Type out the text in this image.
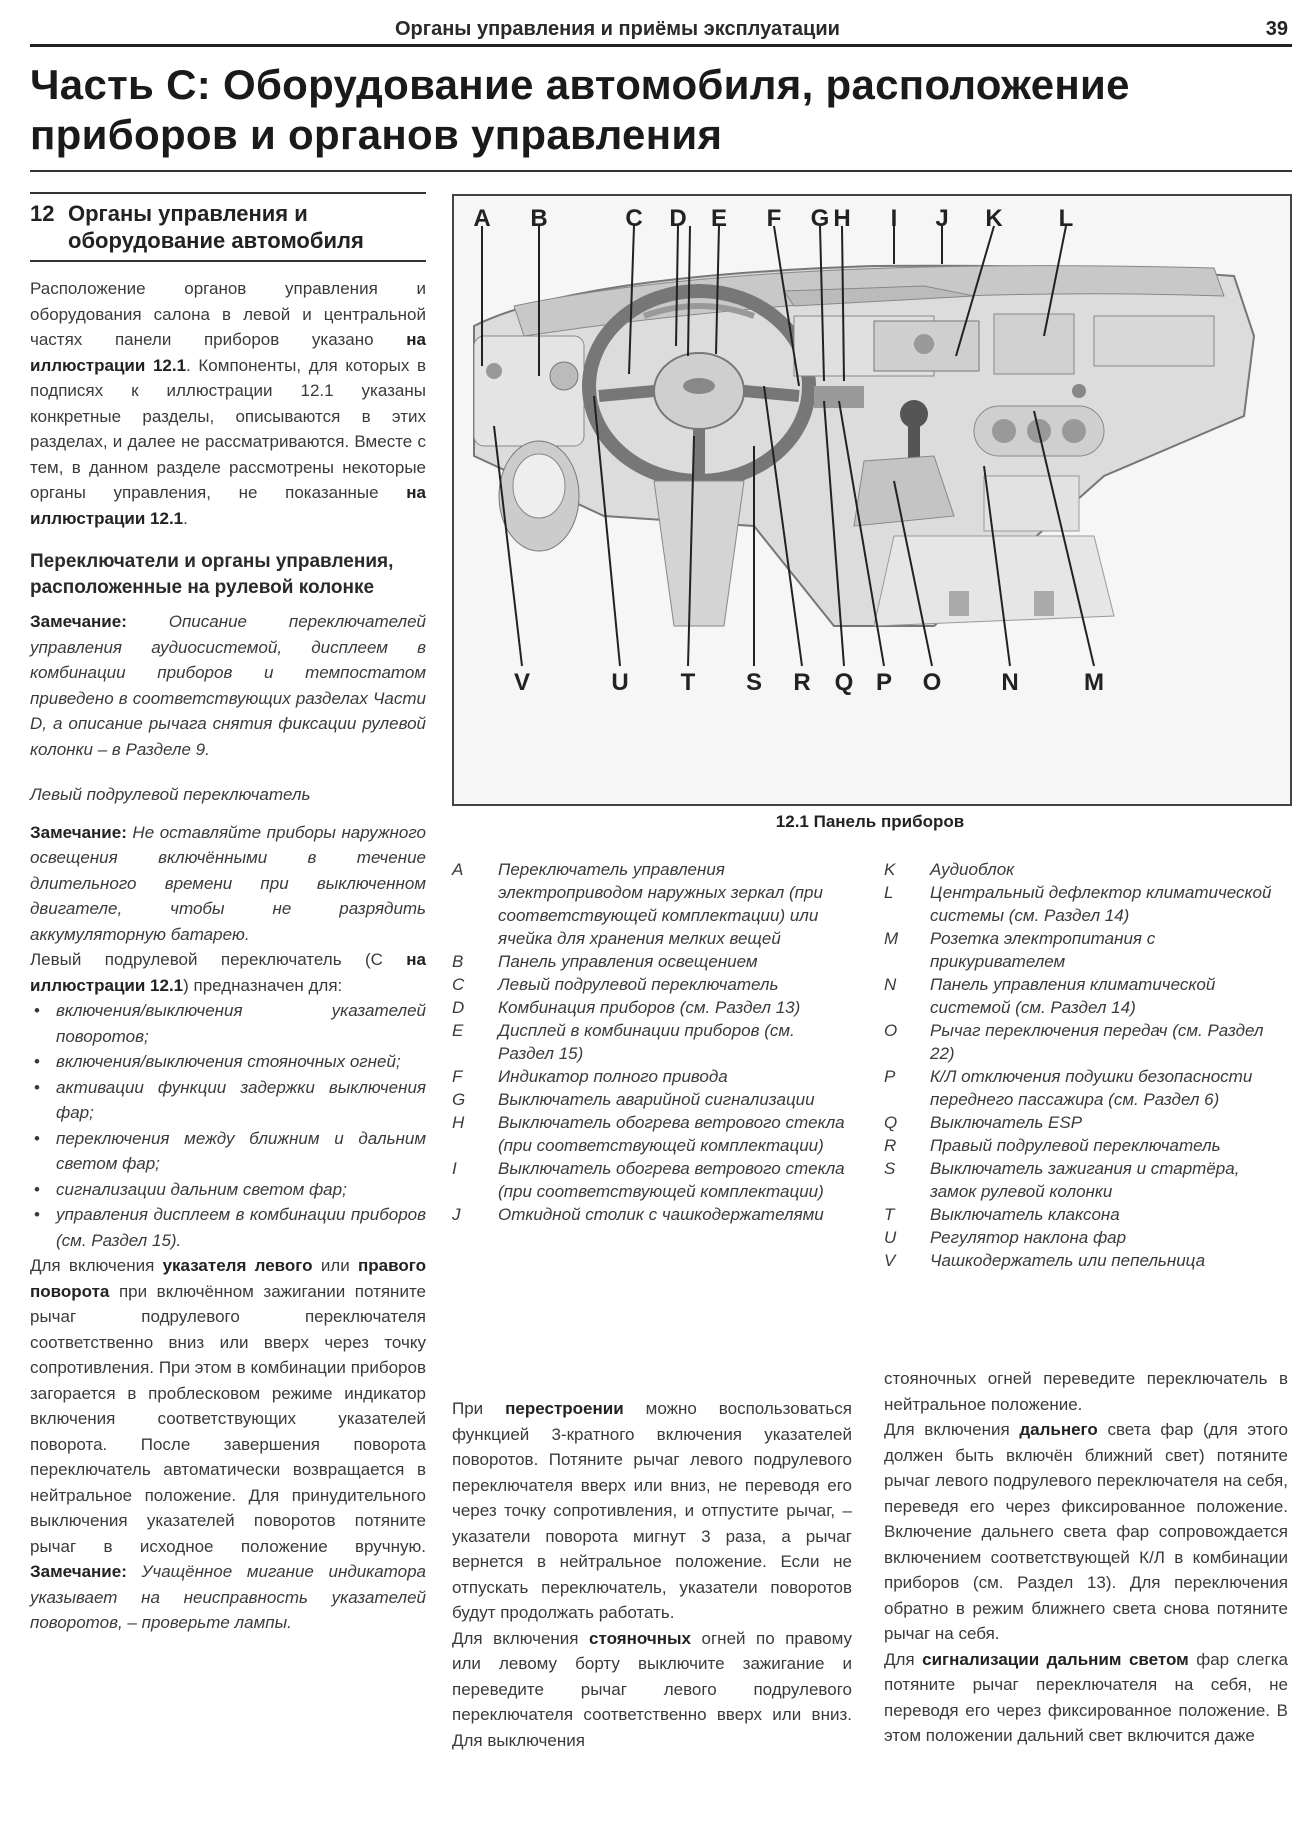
Органы управления и приёмы эксплуатации	39
Часть С: Оборудование автомобиля, расположение приборов и органов управления
12 Органы управления и
оборудование автомобиля

Расположение органов управления и оборудования салона в левой и центральной частях панели приборов указано на иллюстрации 12.1. Компоненты, для которых в подписях к иллюстрации 12.1 указаны конкретные разделы, описываются в этих разделах, и далее не рассматриваются. Вместе с тем, в данном разделе рассмотрены некоторые органы управления, не показанные на иллюстрации 12.1.

Переключатели и органы управления, расположенные на рулевой колонке

Замечание: Описание переключателей управления аудиосистемой, дисплеем в комбинации приборов и темпостатом приведено в соответствующих разделах Части D, а описание рычага снятия фиксации рулевой колонки – в Разделе 9.

Левый подрулевой переключатель

Замечание: Не оставляйте приборы наружного освещения включёнными в течение длительного времени при выключенном двигателе, чтобы не разрядить аккумуляторную батарею.

Левый подрулевой переключатель (С на иллюстрации 12.1) предназначен для:

• включения/выключения указателей поворотов;
• включения/выключения стояночных огней;
• активации функции задержки выключения фар;
• переключения между ближним и дальним светом фар;
• сигнализации дальним светом фар;
• управления дисплеем в комбинации приборов (см. Раздел 15).

Для включения указателя левого или правого поворота при включённом зажигании потяните рычаг подрулевого переключателя соответственно вниз или вверх через точку сопротивления. При этом в комбинации приборов загорается в проблесковом режиме индикатор включения соответствующих указателей поворота. После завершения поворота переключатель автоматически возвращается в нейтральное положение. Для принудительного выключения указателей поворотов потяните рычаг в исходное положение вручную. Замечание: Учащённое мигание индикатора указывает на неисправность указателей поворотов, – проверьте лампы.

A B	C D E F G H I J K L
V	U T S R Q P O N	M
12.1 Панель приборов
A	Переключатель управления электроприводом наружных зеркал (при соответствующей комплектации) или ячейка для хранения мелких вещей
B	Панель управления освещением
C	Левый подрулевой переключатель
D	Комбинация приборов (см. Раздел 13)
E	Дисплей в комбинации приборов (см. Раздел 15)
F	Индикатор полного привода
G	Выключатель аварийной сигнализации
H	Выключатель обогрева ветрового стекла (при соответствующей комплектации)
I	Выключатель обогрева ветрового стекла (при соответствующей комплектации)
J	Откидной столик с чашкодержателями
K	Аудиоблок
L	Центральный дефлектор климатической системы (см. Раздел 14)
M	Розетка электропитания с прикуривателем
N	Панель управления климатической системой (см. Раздел 14)
O	Рычаг переключения передач (см. Раздел 22)
P	К/Л отключения подушки безопасности переднего пассажира (см. Раздел 6)
Q	Выключатель ESP
R	Правый подрулевой переключатель
S	Выключатель зажигания и стартёра, замок рулевой колонки
T	Выключатель клаксона
U	Регулятор наклона фар
V	Чашкодержатель или пепельница

При перестроении можно воспользоваться функцией 3-кратного включения указателей поворотов. Потяните рычаг левого подрулевого переключателя вверх или вниз, не переводя его через точку сопротивления, и отпустите рычаг, – указатели поворота мигнут 3 раза, а рычаг вернется в нейтральное положение. Если не отпускать переключатель, указатели поворотов будут продолжать работать.

Для включения стояночных огней по правому или левому борту выключите зажигание и переведите рычаг левого подрулевого переключателя соответственно вверх или вниз. Для выключения

стояночных огней переведите переключатель в нейтральное положение.

Для включения дальнего света фар (для этого должен быть включён ближний свет) потяните рычаг левого подрулевого переключателя на себя, переведя его через фиксированное положение. Включение дальнего света фар сопровождается включением соответствующей К/Л в комбинации приборов (см. Раздел 13). Для переключения обратно в режим ближнего света снова потяните рычаг на себя.

Для сигнализации дальним светом фар слегка потяните рычаг переключателя на себя, не переводя его через фиксированное положение. В этом положении дальний свет включится даже
